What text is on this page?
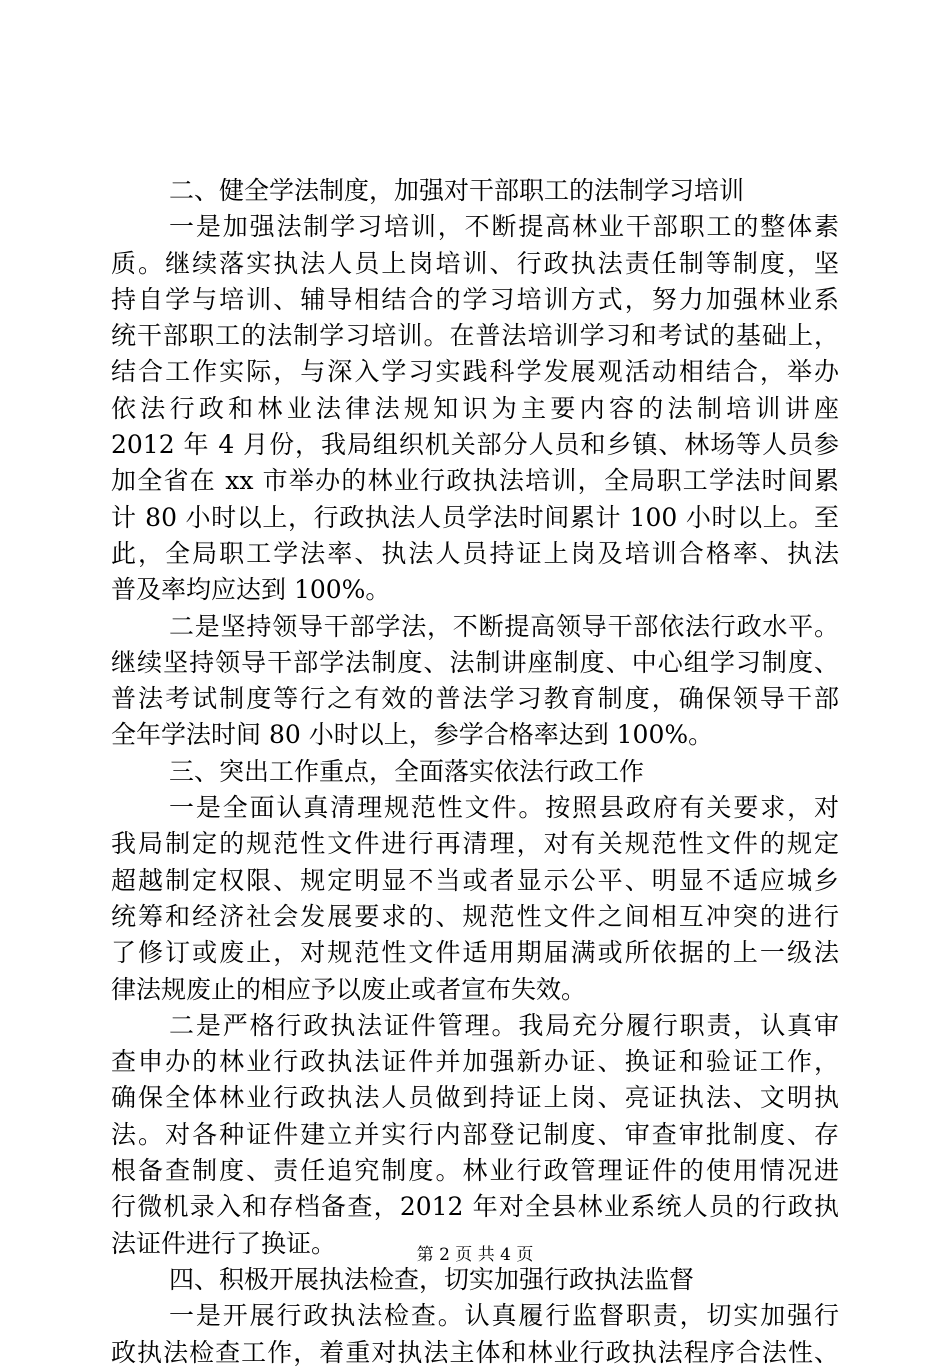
二、健全学法制度，加强对干部职工的法制学习培训
一是加强法制学习培训，不断提高林业干部职工的整体素
质。继续落实执法人员上岗培训、行政执法责任制等制度，坚
持自学与培训、辅导相结合的学习培训方式，努力加强林业系
统干部职工的法制学习培训。在普法培训学习和考试的基础上，
结合工作实际，与深入学习实践科学发展观活动相结合，举办
依法行政和林业法律法规知识为主要内容的法制培训讲座
2012 年 4 月份，我局组织机关部分人员和乡镇、林场等人员参
加全省在 xx 市举办的林业行政执法培训，全局职工学法时间累
计 80 小时以上，行政执法人员学法时间累计 100 小时以上。至
此，全局职工学法率、执法人员持证上岗及培训合格率、执法
普及率均应达到 100%。
二是坚持领导干部学法，不断提高领导干部依法行政水平。
继续坚持领导干部学法制度、法制讲座制度、中心组学习制度、
普法考试制度等行之有效的普法学习教育制度，确保领导干部
全年学法时间 80 小时以上，参学合格率达到 100%。
三、突出工作重点，全面落实依法行政工作
一是全面认真清理规范性文件。按照县政府有关要求，对
我局制定的规范性文件进行再清理，对有关规范性文件的规定
超越制定权限、规定明显不当或者显示公平、明显不适应城乡
统筹和经济社会发展要求的、规范性文件之间相互冲突的进行
了修订或废止，对规范性文件适用期届满或所依据的上一级法
律法规废止的相应予以废止或者宣布失效。
二是严格行政执法证件管理。我局充分履行职责，认真审
查申办的林业行政执法证件并加强新办证、换证和验证工作，
确保全体林业行政执法人员做到持证上岗、亮证执法、文明执
法。对各种证件建立并实行内部登记制度、审查审批制度、存
根备查制度、责任追究制度。林业行政管理证件的使用情况进
行微机录入和存档备查，2012 年对全县林业系统人员的行政执
法证件进行了换证。
四、积极开展执法检查，切实加强行政执法监督
一是开展行政执法检查。认真履行监督职责，切实加强行
政执法检查工作，着重对执法主体和林业行政执法程序合法性、
第 2 页 共 4 页
